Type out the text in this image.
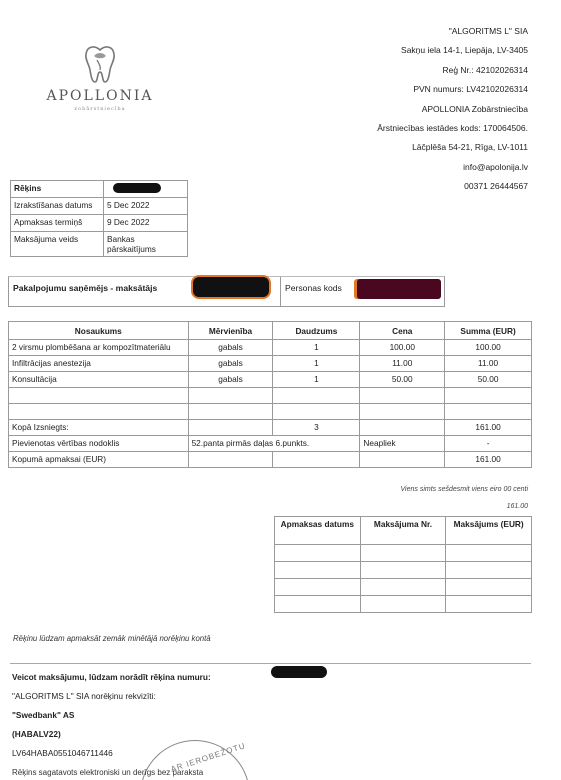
APOLLONIA
zobārstniecība
"ALGORITMS L" SIA
Sakņu iela 14-1, Liepāja, LV-3405
Reģ Nr.: 42102026314
PVN numurs: LV42102026314
APOLLONIA Zobārstniecība
Ārstniecības iestādes kods: 170064506.
Lāčplēša 54-21, Rīga, LV-1011
info@apolonija.lv
00371 26444567
Rēķins	
Izrakstīšanas datums	5 Dec 2022
Apmaksas termiņš	9 Dec 2022
Maksājuma veids	Bankas pārskaitījums
Pakalpojumu saņēmējs - maksātājs	Personas kods
Nosaukums	Mērvienība	Daudzums	Cena	Summa (EUR)
2 virsmu plombēšana ar kompozītmateriālu	gabals	1	100.00	100.00
Infiltrācijas anestezija	gabals	1	11.00	11.00
Konsultācija	gabals	1	50.00	50.00

Kopā Izsniegts:		3		161.00
Pievienotas vērtības nodoklis	52.panta pirmās daļas 6.punkts.		Neapliek	-
Kopumā apmaksai (EUR)				161.00
Viens simts sešdesmit viens eiro 00 centi
161.00
Apmaksas datums	Maksājuma Nr.	Maksājums (EUR)

Rēķinu lūdzam apmaksāt zemāk minētājā norēķinu kontā
Veicot maksājumu, lūdzam norādīt rēķina numuru:
"ALGORITMS L" SIA norēķinu rekvizīti:
"Swedbank" AS
(HABALV22)
LV64HABA0551046711446	AR IEROBEŽOTU
Rēķins sagatavots elektroniski un derīgs bez paraksta
